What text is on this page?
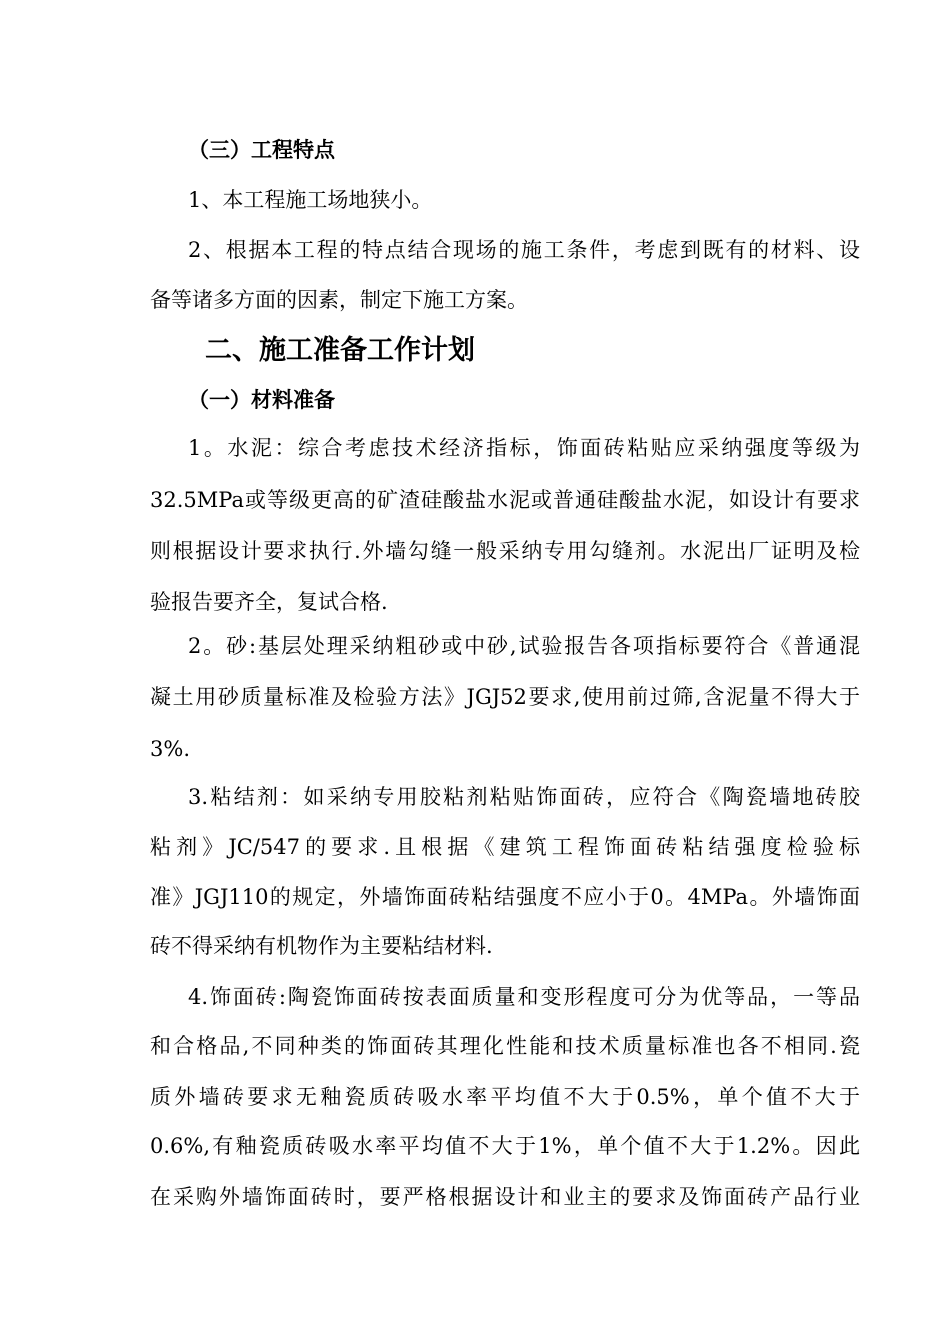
（三）工程特点
1、本工程施工场地狭小。
2、根据本工程的特点结合现场的施工条件，考虑到既有的材料、设
备等诸多方面的因素，制定下施工方案。
二、施工准备工作计划
（一）材料准备
1。水泥：综合考虑技术经济指标，饰面砖粘贴应采纳强度等级为
32.5MPa或等级更高的矿渣硅酸盐水泥或普通硅酸盐水泥，如设计有要求
则根据设计要求执行.外墙勾缝一般采纳专用勾缝剂。水泥出厂证明及检
验报告要齐全，复试合格.
2。砂:基层处理采纳粗砂或中砂,试验报告各项指标要符合《普通混
凝土用砂质量标准及检验方法》JGJ52要求,使用前过筛,含泥量不得大于
3%.
3.粘结剂：如采纳专用胶粘剂粘贴饰面砖，应符合《陶瓷墙地砖胶
粘剂》JC/547的要求.且根据《建筑工程饰面砖粘结强度检验标
准》JGJ110的规定，外墙饰面砖粘结强度不应小于0。4MPa。外墙饰面
砖不得采纳有机物作为主要粘结材料.
4.饰面砖:陶瓷饰面砖按表面质量和变形程度可分为优等品，一等品
和合格品,不同种类的饰面砖其理化性能和技术质量标准也各不相同.瓷
质外墙砖要求无釉瓷质砖吸水率平均值不大于0.5%，单个值不大于
0.6%,有釉瓷质砖吸水率平均值不大于1%，单个值不大于1.2%。因此
在采购外墙饰面砖时，要严格根据设计和业主的要求及饰面砖产品行业
